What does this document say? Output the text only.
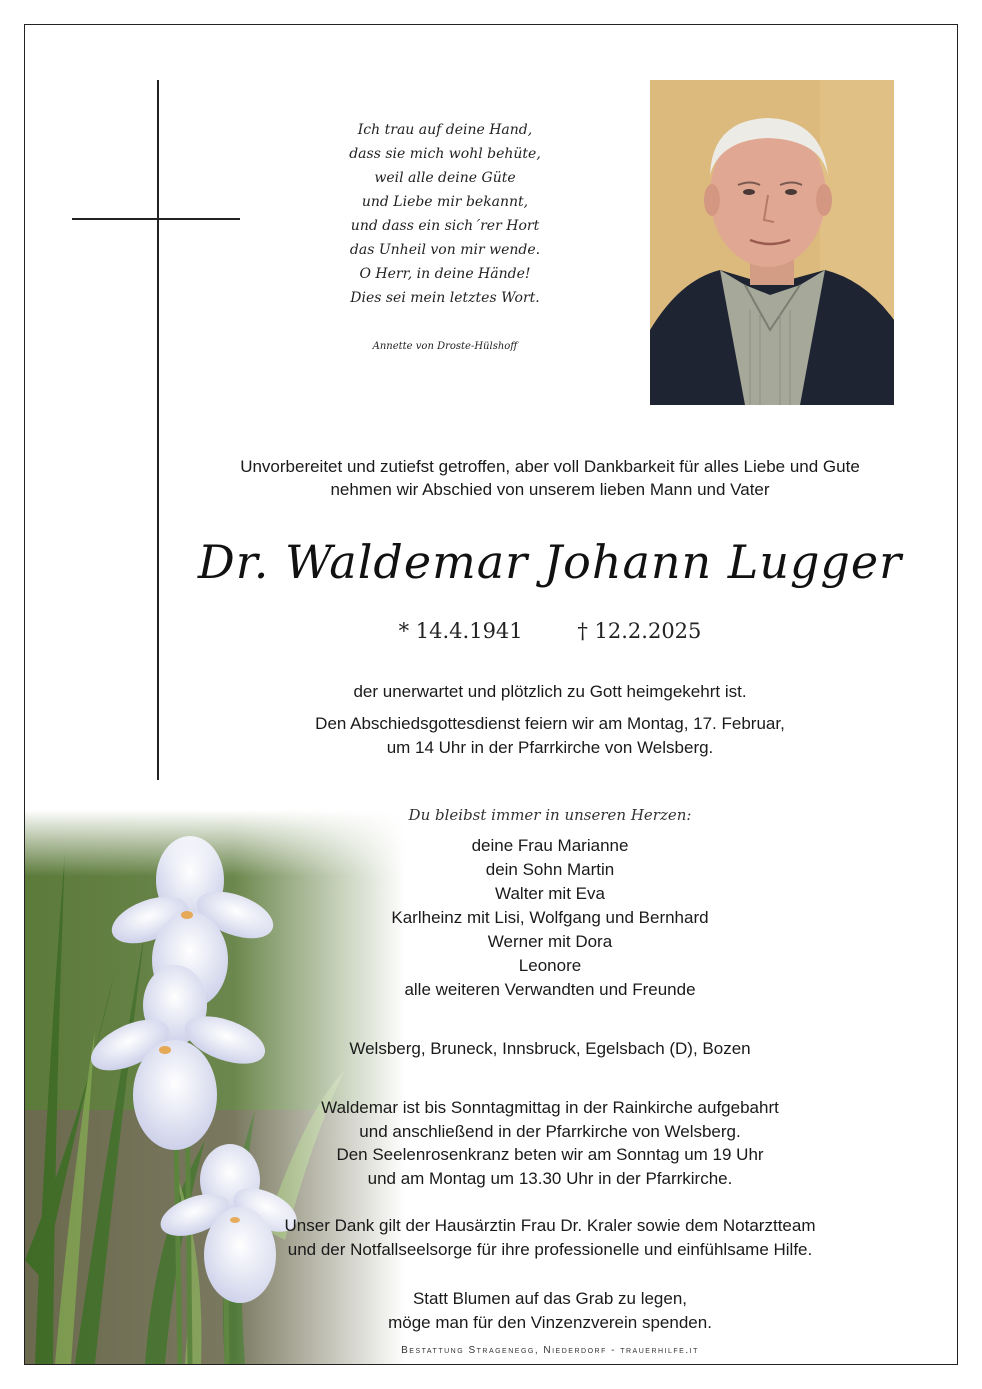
Ich trau auf deine Hand,
dass sie mich wohl behüte,
weil alle deine Güte
und Liebe mir bekannt,
und dass ein sich´rer Hort
das Unheil von mir wende.
O Herr, in deine Hände!
Dies sei mein letztes Wort.
Annette von Droste-Hülshoff
Unvorbereitet und zutiefst getroffen, aber voll Dankbarkeit für alles Liebe und Gute
nehmen wir Abschied von unserem lieben Mann und Vater
Dr. Waldemar Johann Lugger
* 14.4.1941	† 12.2.2025
der unerwartet und plötzlich zu Gott heimgekehrt ist.
Den Abschiedsgottesdienst feiern wir am Montag, 17. Februar,
um 14 Uhr in der Pfarrkirche von Welsberg.
Du bleibst immer in unseren Herzen:
deine Frau Marianne
dein Sohn Martin
Walter mit Eva
Karlheinz mit Lisi, Wolfgang und Bernhard
Werner mit Dora
Leonore
alle weiteren Verwandten und Freunde
Welsberg, Bruneck, Innsbruck, Egelsbach (D), Bozen
Waldemar ist bis Sonntagmittag in der Rainkirche aufgebahrt
und anschließend in der Pfarrkirche von Welsberg.
Den Seelenrosenkranz beten wir am Sonntag um 19 Uhr
und am Montag um 13.30 Uhr in der Pfarrkirche.
Unser Dank gilt der Hausärztin Frau Dr. Kraler sowie dem Notarztteam
und der Notfallseelsorge für ihre professionelle und einfühlsame Hilfe.
Statt Blumen auf das Grab zu legen,
möge man für den Vinzenzverein spenden.
Bestattung Stragenegg, Niederdorf - trauerhilfe.it
